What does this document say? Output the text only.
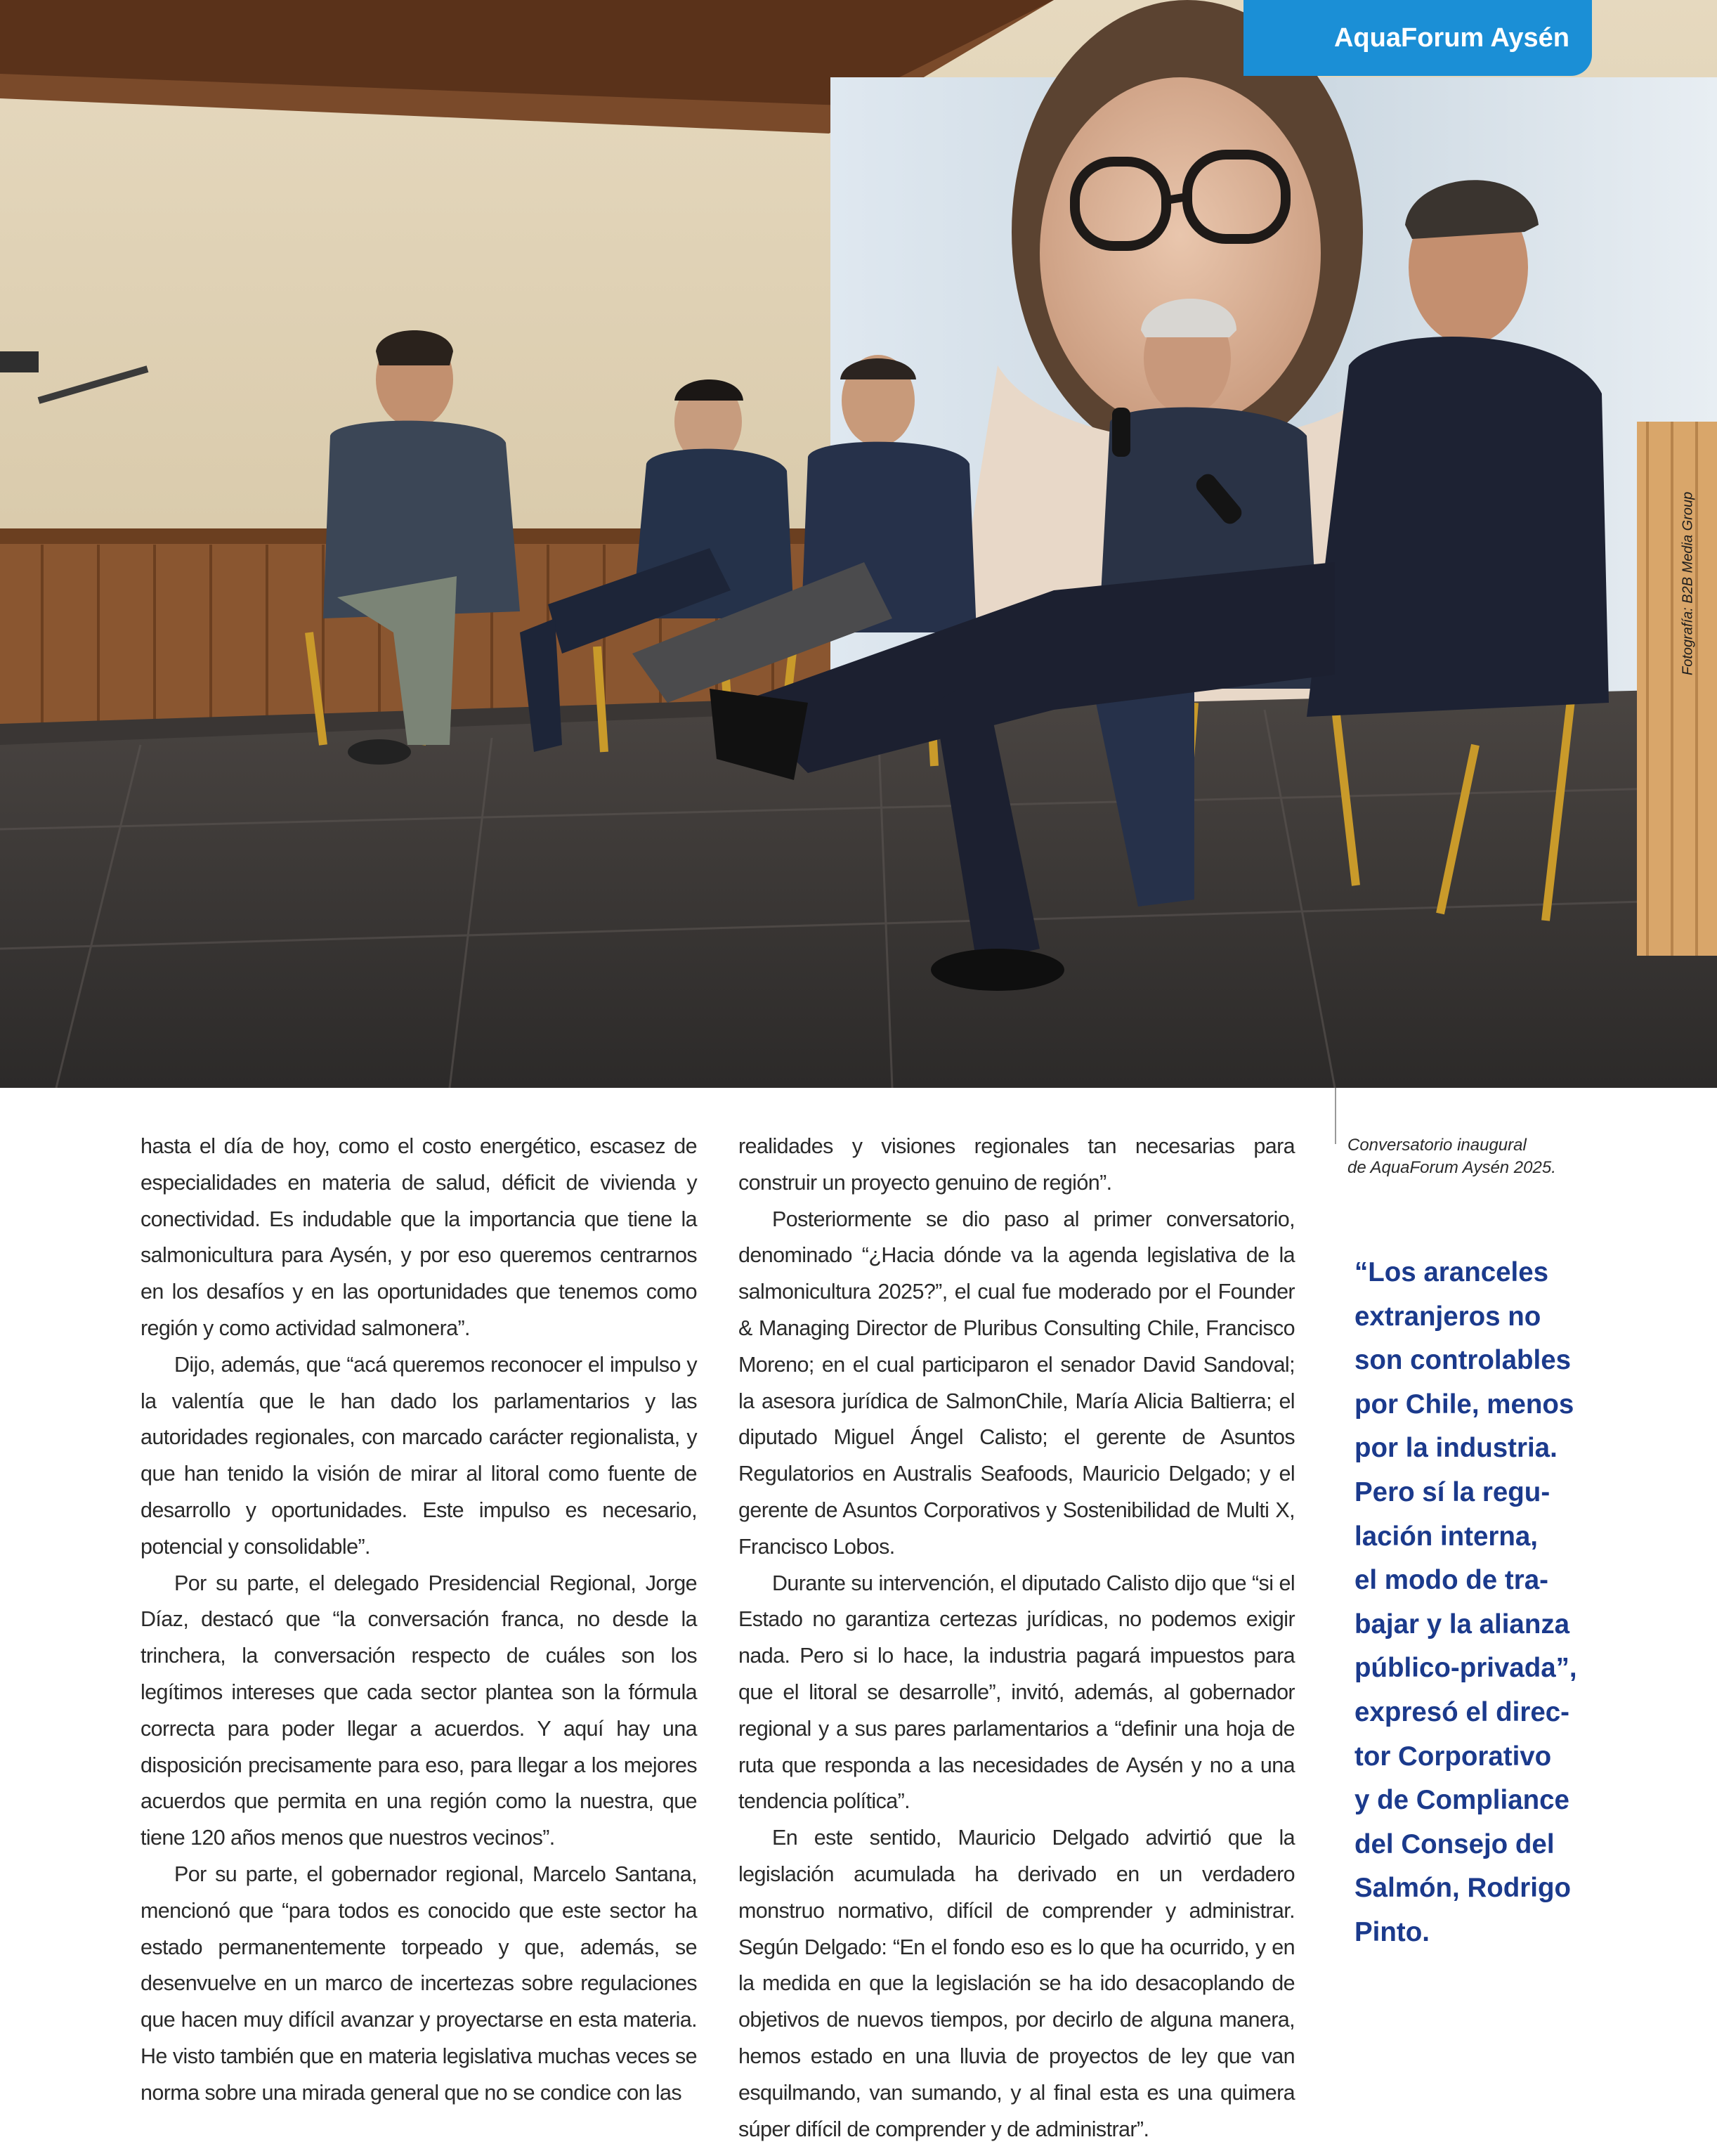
AquaForum Aysén
Fotografía: B2B Media Group

hasta el día de hoy, como el costo energético, escasez de especialidades en materia de salud, déficit de vivienda y conectividad. Es indudable que la importancia que tiene la salmonicultura para Aysén, y por eso queremos centrarnos en los desafíos y en las oportunidades que tenemos como región y como actividad salmonera”.

Dijo, además, que “acá queremos reconocer el impulso y la valentía que le han dado los parlamentarios y las autoridades regionales, con marcado carácter regionalista, y que han tenido la visión de mirar al litoral como fuente de desarrollo y oportunidades. Este impulso es necesario, potencial y consolidable”.

Por su parte, el delegado Presidencial Regional, Jorge Díaz, destacó que “la conversación franca, no desde la trinchera, la conversación respecto de cuáles son los legítimos intereses que cada sector plantea son la fórmula correcta para poder llegar a acuerdos. Y aquí hay una disposición precisamente para eso, para llegar a los mejores acuerdos que permita en una región como la nuestra, que tiene 120 años menos que nuestros vecinos”.

Por su parte, el gobernador regional, Marcelo Santana, mencionó que “para todos es conocido que este sector ha estado permanentemente torpeado y que, además, se desenvuelve en un marco de incertezas sobre regulaciones que hacen muy difícil avanzar y proyectarse en esta materia. He visto también que en materia legislativa muchas veces se norma sobre una mirada general que no se condice con las

realidades y visiones regionales tan necesarias para construir un proyecto genuino de región”.

Posteriormente se dio paso al primer conversatorio, denominado “¿Hacia dónde va la agenda legislativa de la salmonicultura 2025?”, el cual fue moderado por el Founder & Managing Director de Pluribus Consulting Chile, Francisco Moreno; en el cual participaron el senador David Sandoval; la asesora jurídica de SalmonChile, María Alicia Baltierra; el diputado Miguel Ángel Calisto; el gerente de Asuntos Regulatorios en Australis Seafoods, Mauricio Delgado; y el gerente de Asuntos Corporativos y Sostenibilidad de Multi X, Francisco Lobos.

Durante su intervención, el diputado Calisto dijo que “si el Estado no garantiza certezas jurídicas, no podemos exigir nada. Pero si lo hace, la industria pagará impuestos para que el litoral se desarrolle”, invitó, además, al gobernador regional y a sus pares parlamentarios a “definir una hoja de ruta que responda a las necesidades de Aysén y no a una tendencia política”.

En este sentido, Mauricio Delgado advirtió que la legislación acumulada ha derivado en un verdadero monstruo normativo, difícil de comprender y administrar. Según Delgado: “En el fondo eso es lo que ha ocurrido, y en la medida en que la legislación se ha ido desacoplando de objetivos de nuevos tiempos, por decirlo de alguna manera, hemos estado en una lluvia de proyectos de ley que van esquilmando, van sumando, y al final esta es una quimera súper difícil de comprender y de administrar”.

Conversatorio inaugural
de AquaForum Aysén 2025.
“Los aranceles
extranjeros no
son controlables
por Chile, menos
por la industria.
Pero sí la regu-
lación interna,
el modo de tra-
bajar y la alianza
público-privada”,
expresó el direc-
tor Corporativo
y de Compliance
del Consejo del
Salmón, Rodrigo
Pinto.
